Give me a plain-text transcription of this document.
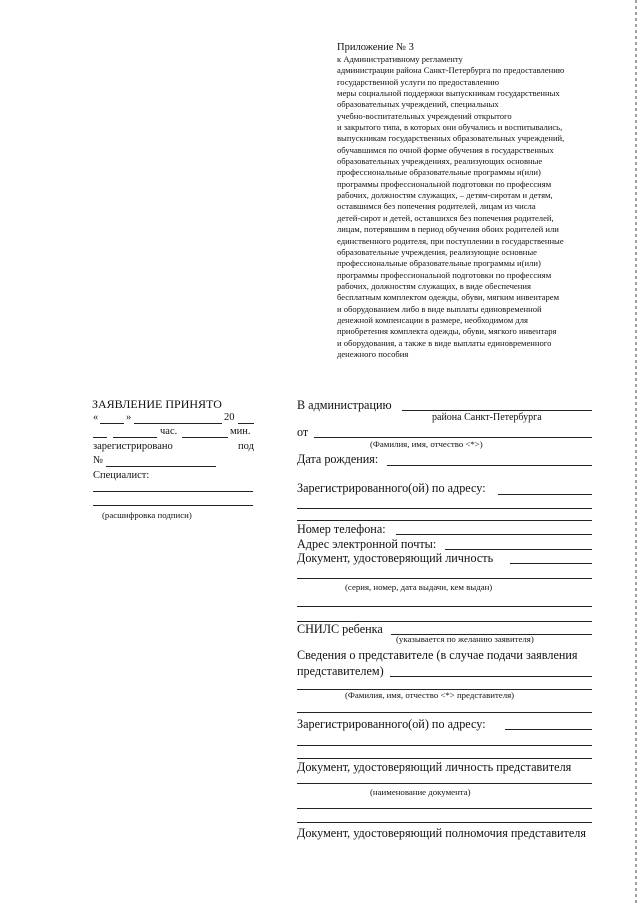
Приложение № 3
к Административному регламенту
администрации района Санкт-Петербурга по предоставлению
государственной услуги по предоставлению
меры социальной поддержки выпускникам государственных
образовательных учреждений, специальных
учебно-воспитательных учреждений открытого
и закрытого типа, в которых они обучались и воспитывались,
выпускникам государственных образовательных учреждений,
обучавшимся по очной форме обучения в государственных
образовательных учреждениях, реализующих основные
профессиональные образовательные программы и(или)
программы профессиональной подготовки по профессиям
рабочих, должностям служащих, – детям-сиротам и детям,
оставшимся без попечения родителей, лицам из числа
детей-сирот и детей, оставшихся без попечения родителей,
лицам, потерявшим в период обучения обоих родителей или
единственного родителя, при поступлении в государственные
образовательные учреждения, реализующие основные
профессиональные образовательные программы и(или)
программы профессиональной подготовки по профессиям
рабочих, должностям служащих, в виде обеспечения
бесплатным комплектом одежды, обуви, мягким инвентарем
и оборудованием либо в виде выплаты единовременной
денежной компенсации в размере, необходимом для
приобретения комплекта одежды, обуви, мягкого инвентаря
и оборудования, а также в виде выплаты единовременного
денежного пособия
ЗАЯВЛЕНИЕ ПРИНЯТО
«	»	20
час.	мин.
зарегистрировано	под
№
Специалист:
(расшифровка подписи)
В администрацию
района Санкт-Петербурга
от
(Фамилия, имя, отчество <*>)
Дата рождения:
Зарегистрированного(ой) по адресу:
Номер телефона:
Адрес электронной почты:
Документ, удостоверяющий личность
(серия, номер, дата выдачи, кем выдан)
СНИЛС ребенка
(указывается по желанию заявителя)
Сведения о представителе (в случае подачи заявления
представителем)
(Фамилия, имя, отчество <*> представителя)
Зарегистрированного(ой) по адресу:
Документ, удостоверяющий личность представителя
(наименование документа)
Документ, удостоверяющий полномочия представителя
